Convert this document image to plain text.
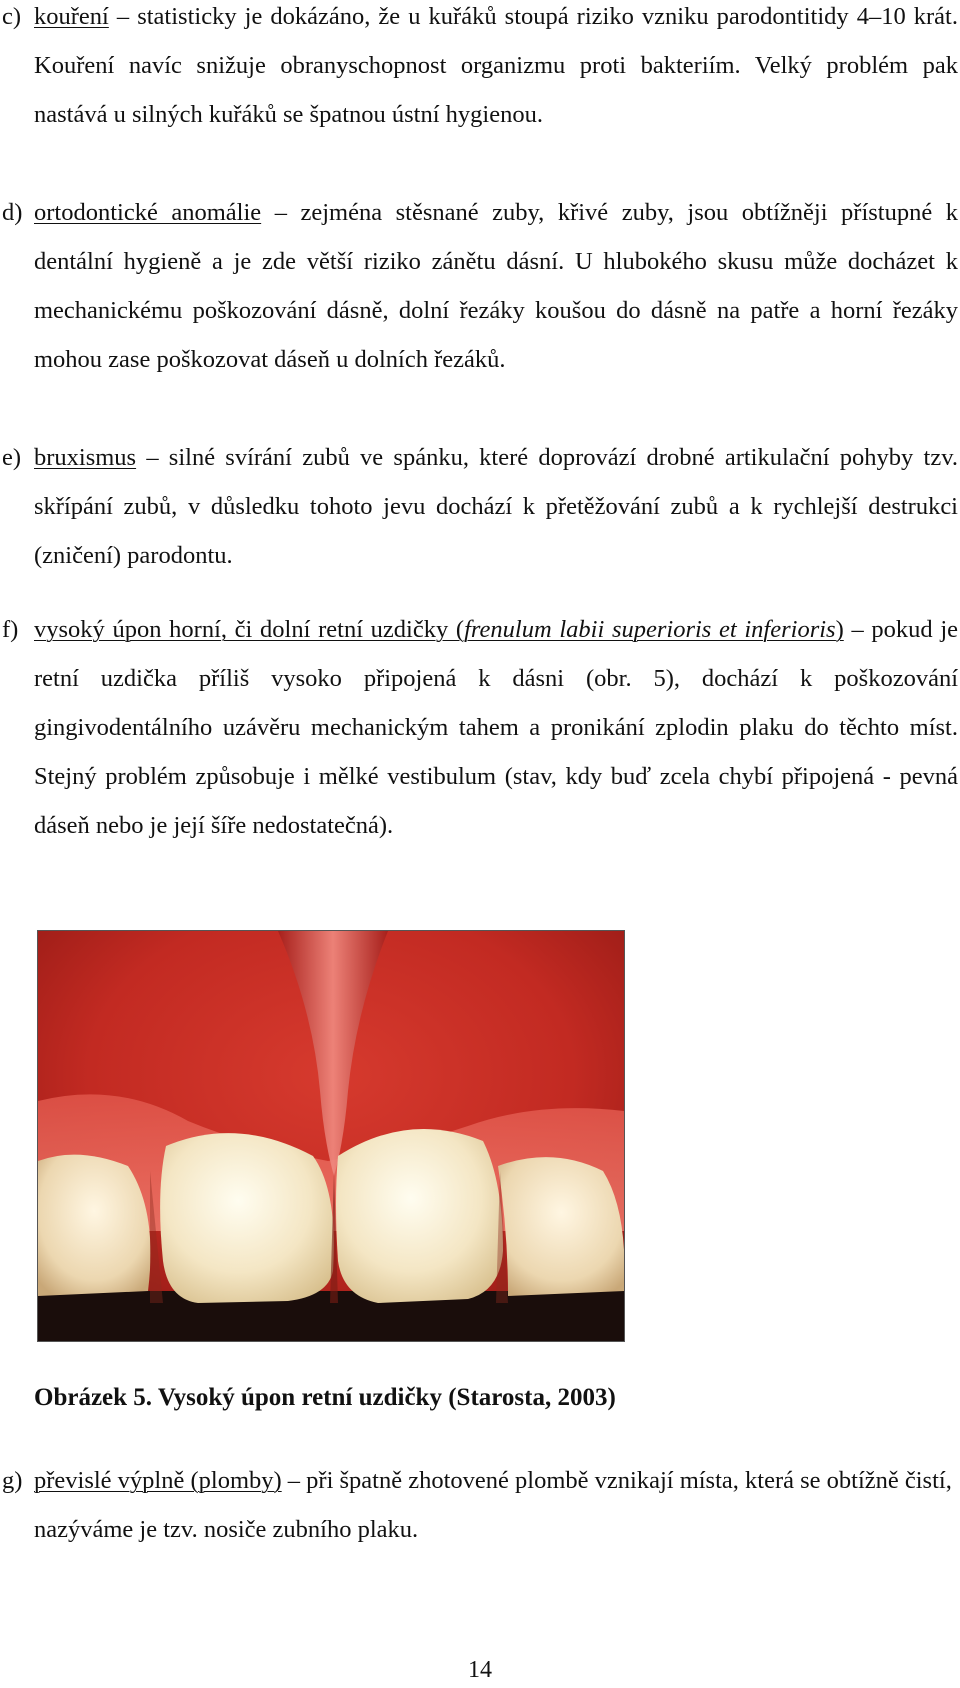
c) kouření – statisticky je dokázáno, že u kuřáků stoupá riziko vzniku parodontitidy 4–10 krát. Kouření navíc snižuje obranyschopnost organizmu proti bakteriím. Velký problém pak nastává u silných kuřáků se špatnou ústní hygienou.
d) ortodontické anomálie – zejména stěsnané zuby, křivé zuby, jsou obtížněji přístupné k dentální hygieně a je zde větší riziko zánětu dásní. U hlubokého skusu může docházet k mechanickému poškozování dásně, dolní řezáky koušou do dásně na patře a horní řezáky mohou zase poškozovat dáseň u dolních řezáků.
e) bruxismus – silné svírání zubů ve spánku, které doprovází drobné artikulační pohyby tzv. skřípání zubů, v důsledku tohoto jevu dochází k přetěžování zubů a k rychlejší destrukci (zničení) parodontu.
f) vysoký úpon horní, či dolní retní uzdičky (frenulum labii superioris et inferioris) – pokud je retní uzdička příliš vysoko připojená k dásni (obr. 5), dochází k poškozování gingivodentálního uzávěru mechanickým tahem a pronikání zplodin plaku do těchto míst. Stejný problém způsobuje i mělké vestibulum (stav, kdy buď zcela chybí připojená - pevná dáseň nebo je její šíře nedostatečná).
Obrázek 5. Vysoký úpon retní uzdičky (Starosta, 2003)
g) převislé výplně (plomby) – při špatně zhotovené plombě vznikají místa, která se obtížně čistí, nazýváme je tzv. nosiče zubního plaku.
14
